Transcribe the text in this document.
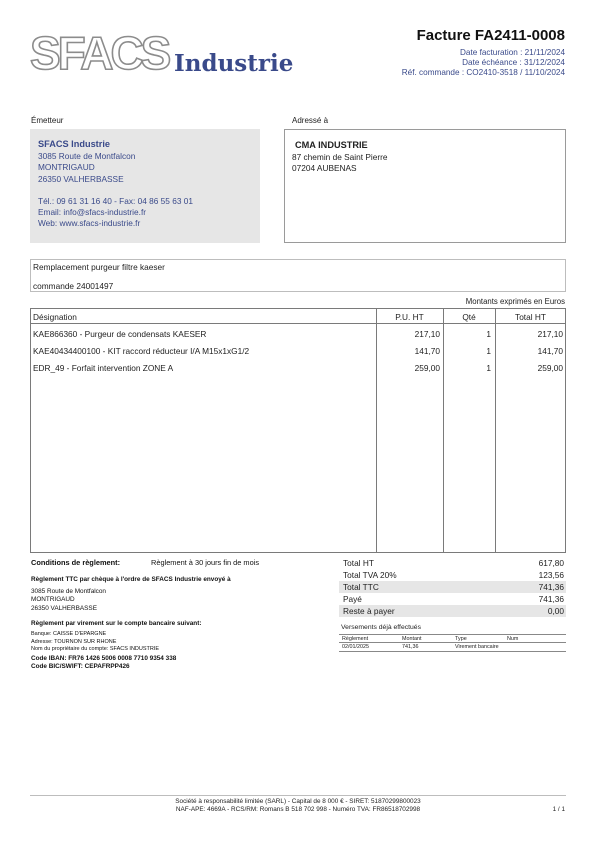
SFACS Industrie
Facture FA2411-0008
Date facturation : 21/11/2024
Date échéance : 31/12/2024
Réf. commande : CO2410-3518 / 11/10/2024
Émetteur
SFACS Industrie
3085 Route de Montfalcon
MONTRIGAUD
26350 VALHERBASSE
Tél.: 09 61 31 16 40 - Fax: 04 86 55 63 01
Email: info@sfacs-industrie.fr
Web: www.sfacs-industrie.fr
Adressé à
CMA INDUSTRIE
87 chemin de Saint Pierre
07204 AUBENAS
Remplacement purgeur filtre kaeser
commande 24001497
Montants exprimés en Euros
Désignation	P.U. HT	Qté	Total HT
KAE866360 - Purgeur de condensats KAESER	217,10	1	217,10
KAE40434400100 - KIT raccord réducteur I/A M15x1xG1/2	141,70	1	141,70
EDR_49 - Forfait intervention ZONE A	259,00	1	259,00
Conditions de règlement:	Règlement à 30 jours fin de mois
Règlement TTC par chèque à l'ordre de SFACS Industrie envoyé à
3085 Route de Montfalcon
MONTRIGAUD
26350 VALHERBASSE
Règlement par virement sur le compte bancaire suivant:
Banque: CAISSE D'EPARGNE
Adresse: TOURNON SUR RHONE
Nom du propriétaire du compte: SFACS INDUSTRIE
Code IBAN: FR76 1426 5006 0008 7710 9354 338
Code BIC/SWIFT: CEPAFRPP426
Total HT	617,80
Total TVA 20%	123,56
Total TTC	741,36
Payé	741,36
Reste à payer	0,00
Versements déjà effectués
Règlement	Montant	Type	Num
02/01/2025	741,36	Virement bancaire
Société à responsabilité limitée (SARL) - Capital de 8 000 € - SIRET: 51870299800023
NAF-APE: 4669A - RCS/RM: Romans B 518 702 998 - Numéro TVA: FR86518702998	1 / 1
